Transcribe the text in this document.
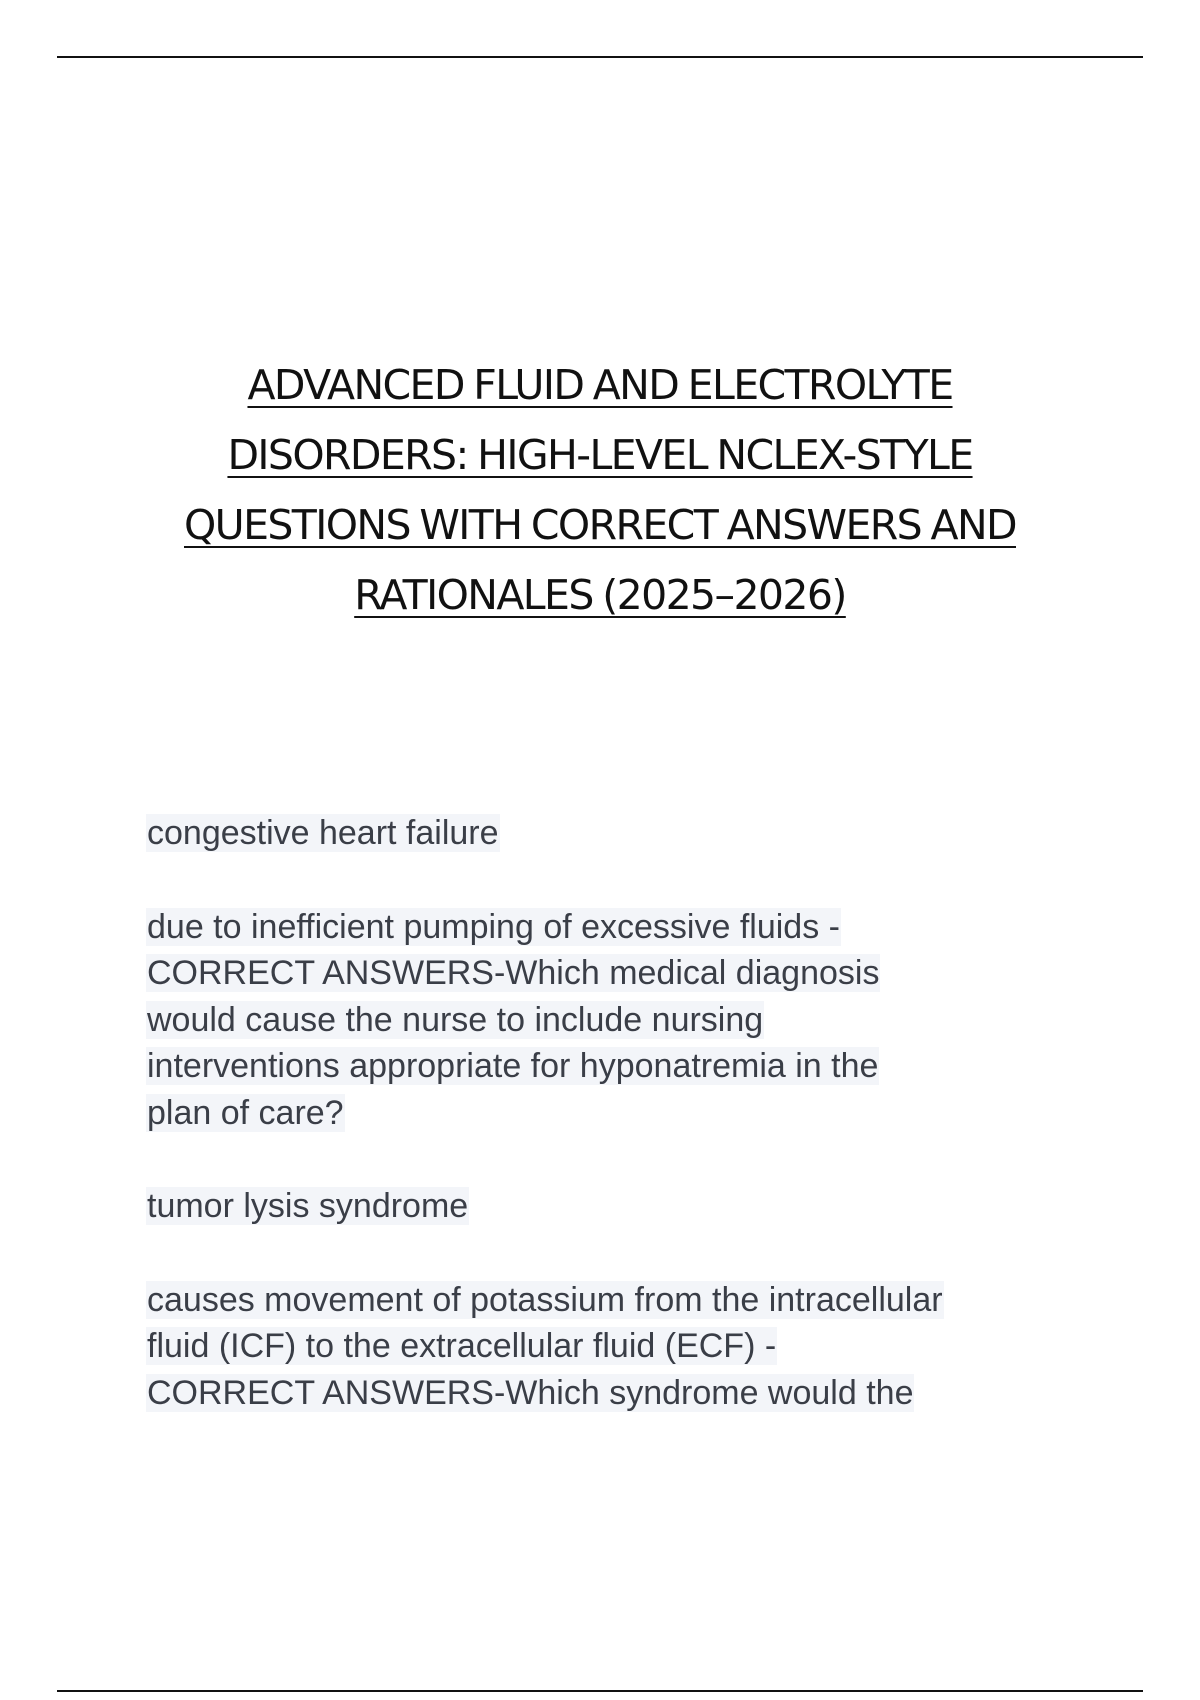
ADVANCED FLUID AND ELECTROLYTE
DISORDERS: HIGH-LEVEL NCLEX-STYLE
QUESTIONS WITH CORRECT ANSWERS AND
RATIONALES (2025–2026)
congestive heart failure
due to inefficient pumping of excessive fluids -
CORRECT ANSWERS-Which medical diagnosis
would cause the nurse to include nursing
interventions appropriate for hyponatremia in the
plan of care?
tumor lysis syndrome
causes movement of potassium from the intracellular
fluid (ICF) to the extracellular fluid (ECF) -
CORRECT ANSWERS-Which syndrome would the
